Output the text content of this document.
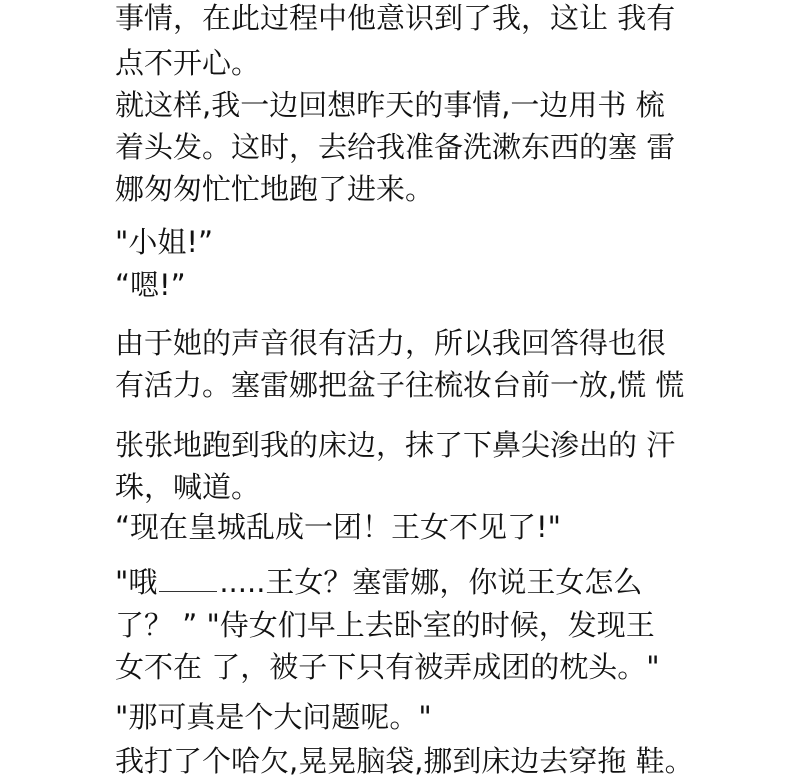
事情，在此过程中他意识到了我，这让 我有

点不开心。

就这样,我一边回想昨天的事情,一边用书 梳

着头发。这时，去给我准备洗漱东西的塞 雷

娜匆匆忙忙地跑了进来。

"小姐!”

“嗯!”

由于她的声音很有活力，所以我回答得也很

有活力。塞雷娜把盆子往梳妆台前一放,慌 慌

张张地跑到我的床边，抹了下鼻尖渗出的 汗

珠，喊道。

“现在皇城乱成一团！王女不见了!"

"哦 .....王女？塞雷娜，你说王女怎么

了？ ” "侍女们早上去卧室的时候，发现王

女不在 了，被子下只有被弄成团的枕头。"

"那可真是个大问题呢。"

我打了个哈欠,晃晃脑袋,挪到床边去穿拖 鞋。
